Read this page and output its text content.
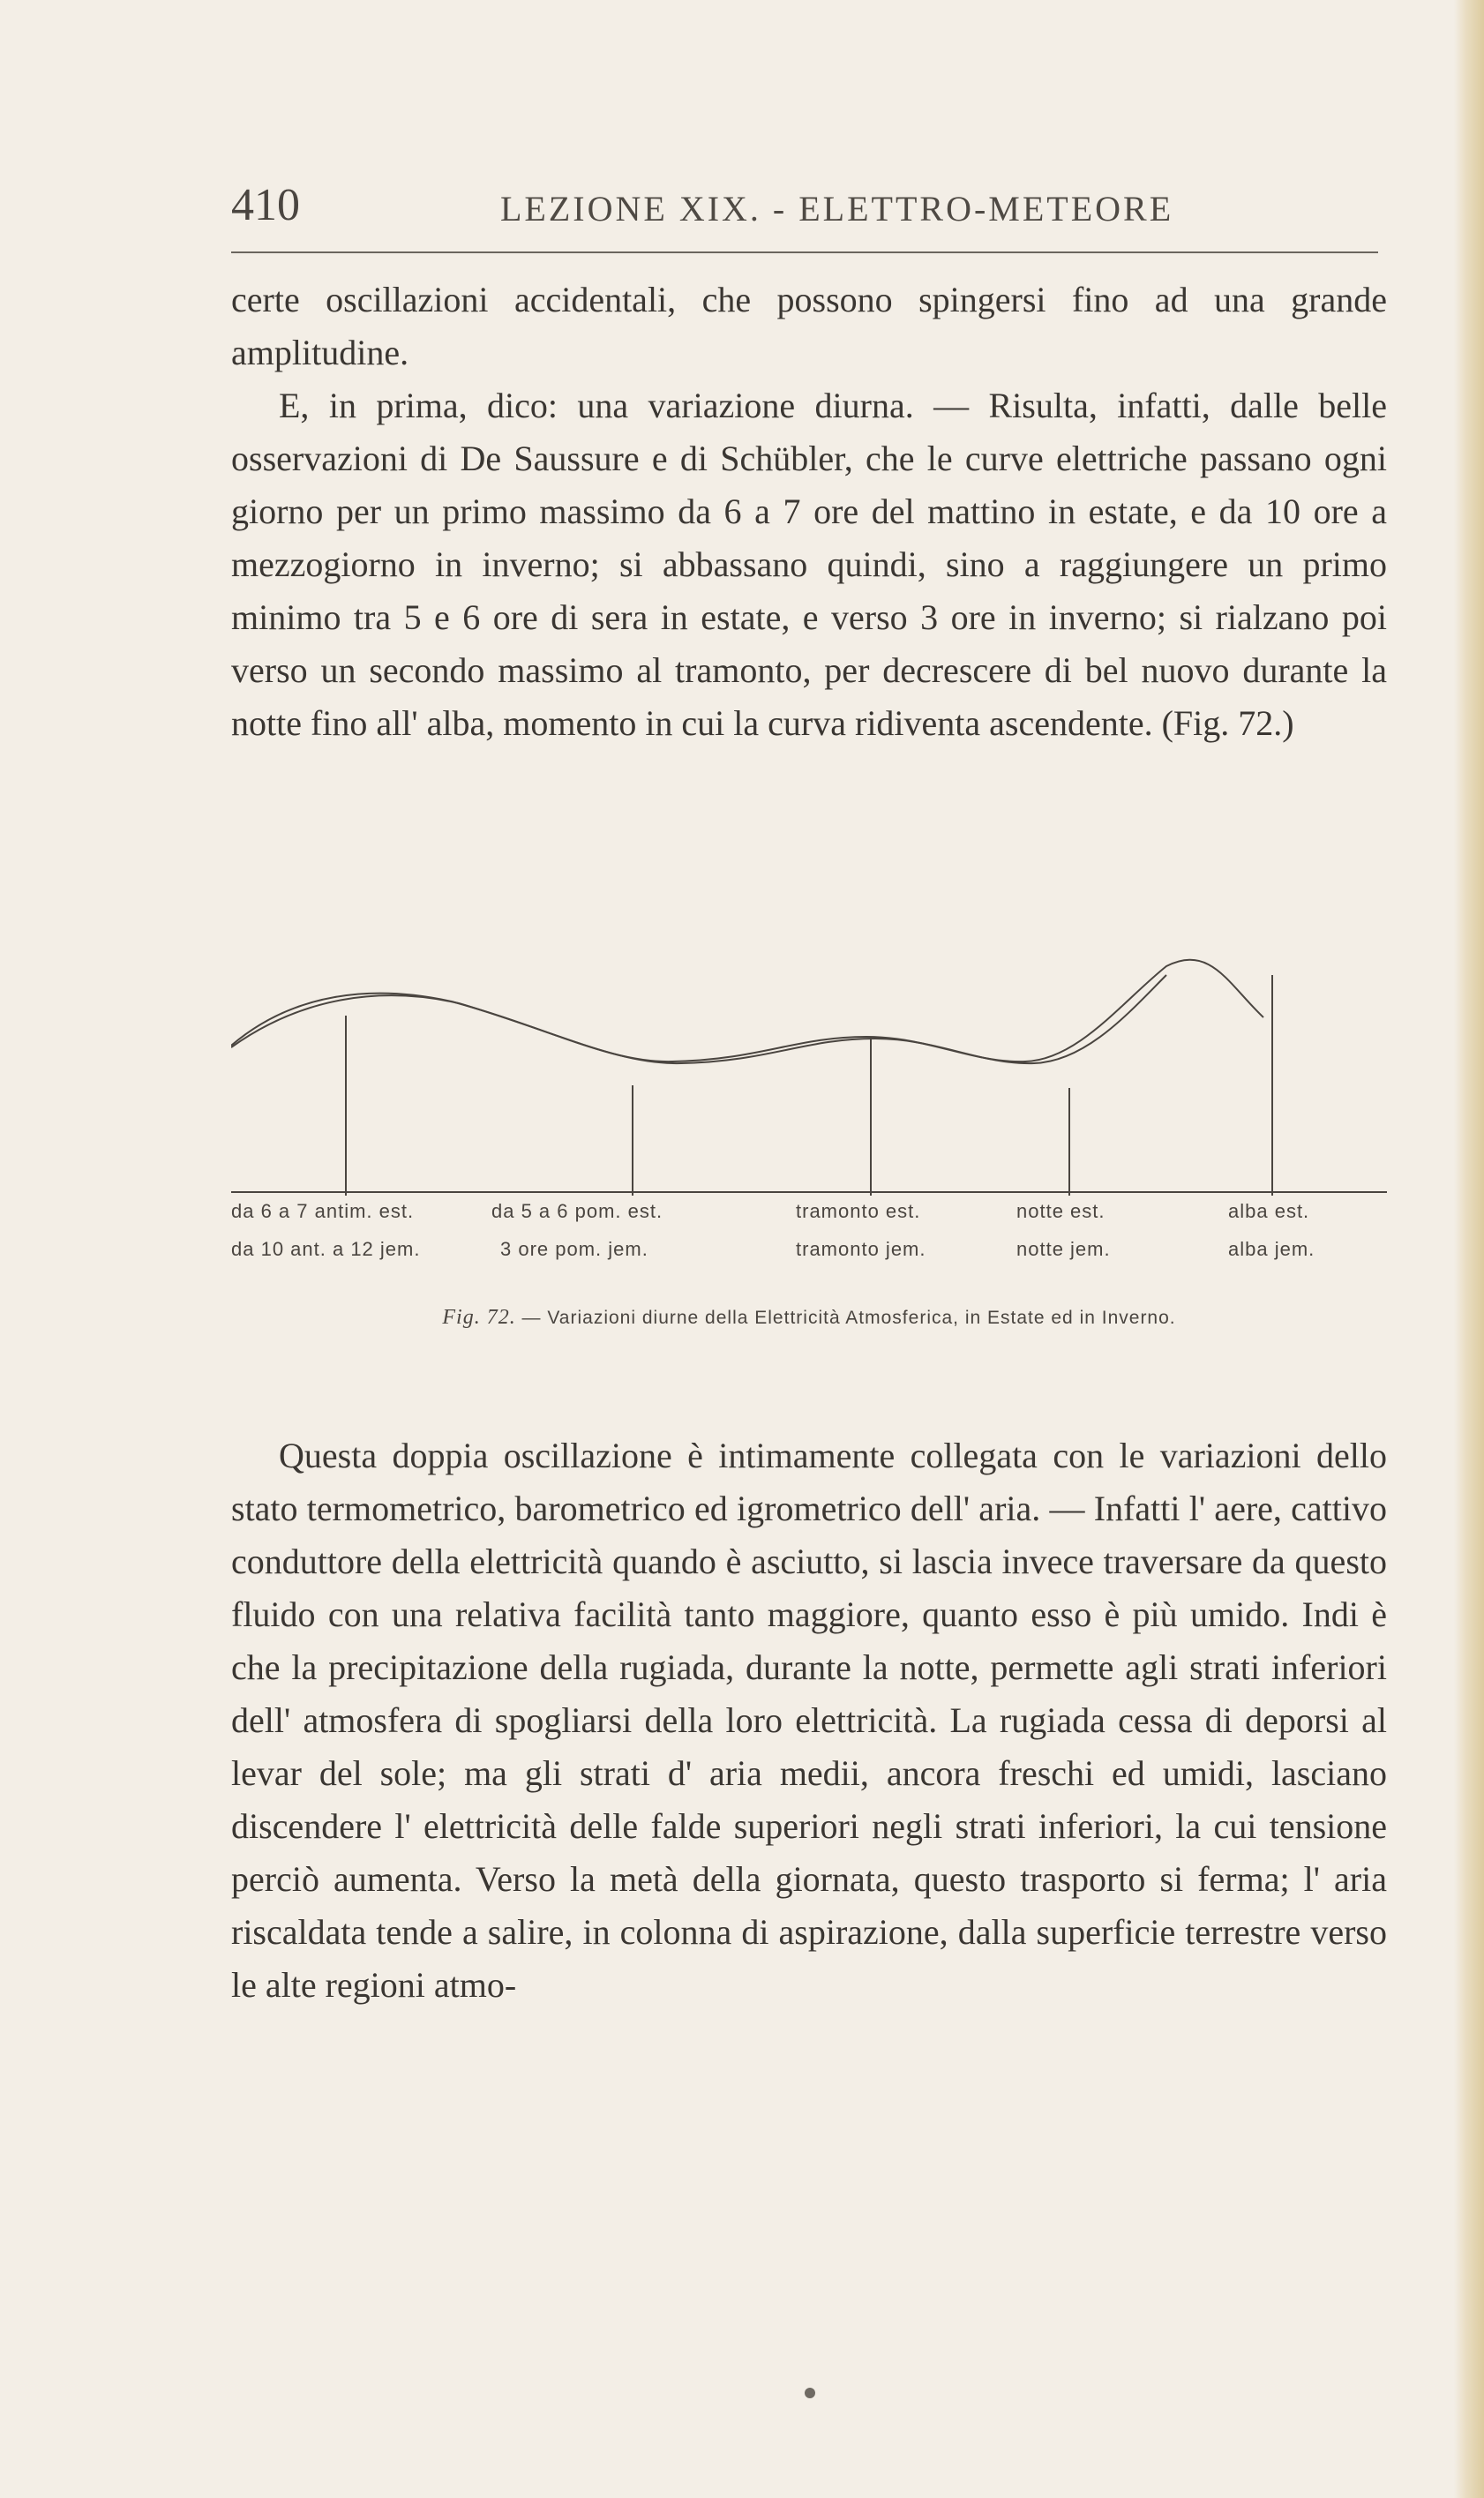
410	LEZIONE XIX. - ELETTRO-METEORE

certe oscillazioni accidentali, che possono spingersi fino ad una grande amplitudine.

E, in prima, dico: una variazione diurna. — Risulta, infatti, dalle belle osservazioni di De Saussure e di Schübler, che le curve elettriche passano ogni giorno per un primo massimo da 6 a 7 ore del mattino in estate, e da 10 ore a mezzogiorno in inverno; si abbassano quindi, sino a raggiungere un primo minimo tra 5 e 6 ore di sera in estate, e verso 3 ore in inverno; si rialzano poi verso un secondo massimo al tramonto, per decrescere di bel nuovo durante la notte fino all' alba, momento in cui la curva ridiventa ascendente. (Fig. 72.)

da 6 a 7 antim. est.	da 5 a 6 pom. est.	tramonto est.	notte est.	alba est.
da 10 ant. a 12 jem.	3 ore pom. jem.	tramonto jem.	notte jem.	alba jem.
Fig. 72. — Variazioni diurne della Elettricità Atmosferica, in Estate ed in Inverno.

Questa doppia oscillazione è intimamente collegata con le variazioni dello stato termometrico, barometrico ed igrometrico dell' aria. — Infatti l' aere, cattivo conduttore della elettricità quando è asciutto, si lascia invece traversare da questo fluido con una relativa facilità tanto maggiore, quanto esso è più umido. Indi è che la precipitazione della rugiada, durante la notte, permette agli strati inferiori dell' atmosfera di spogliarsi della loro elettricità. La rugiada cessa di deporsi al levar del sole; ma gli strati d' aria medii, ancora freschi ed umidi, lasciano discendere l' elettricità delle falde superiori negli strati inferiori, la cui tensione perciò aumenta. Verso la metà della giornata, questo trasporto si ferma; l' aria riscaldata tende a salire, in colonna di aspirazione, dalla superficie terrestre verso le alte regioni atmo-
